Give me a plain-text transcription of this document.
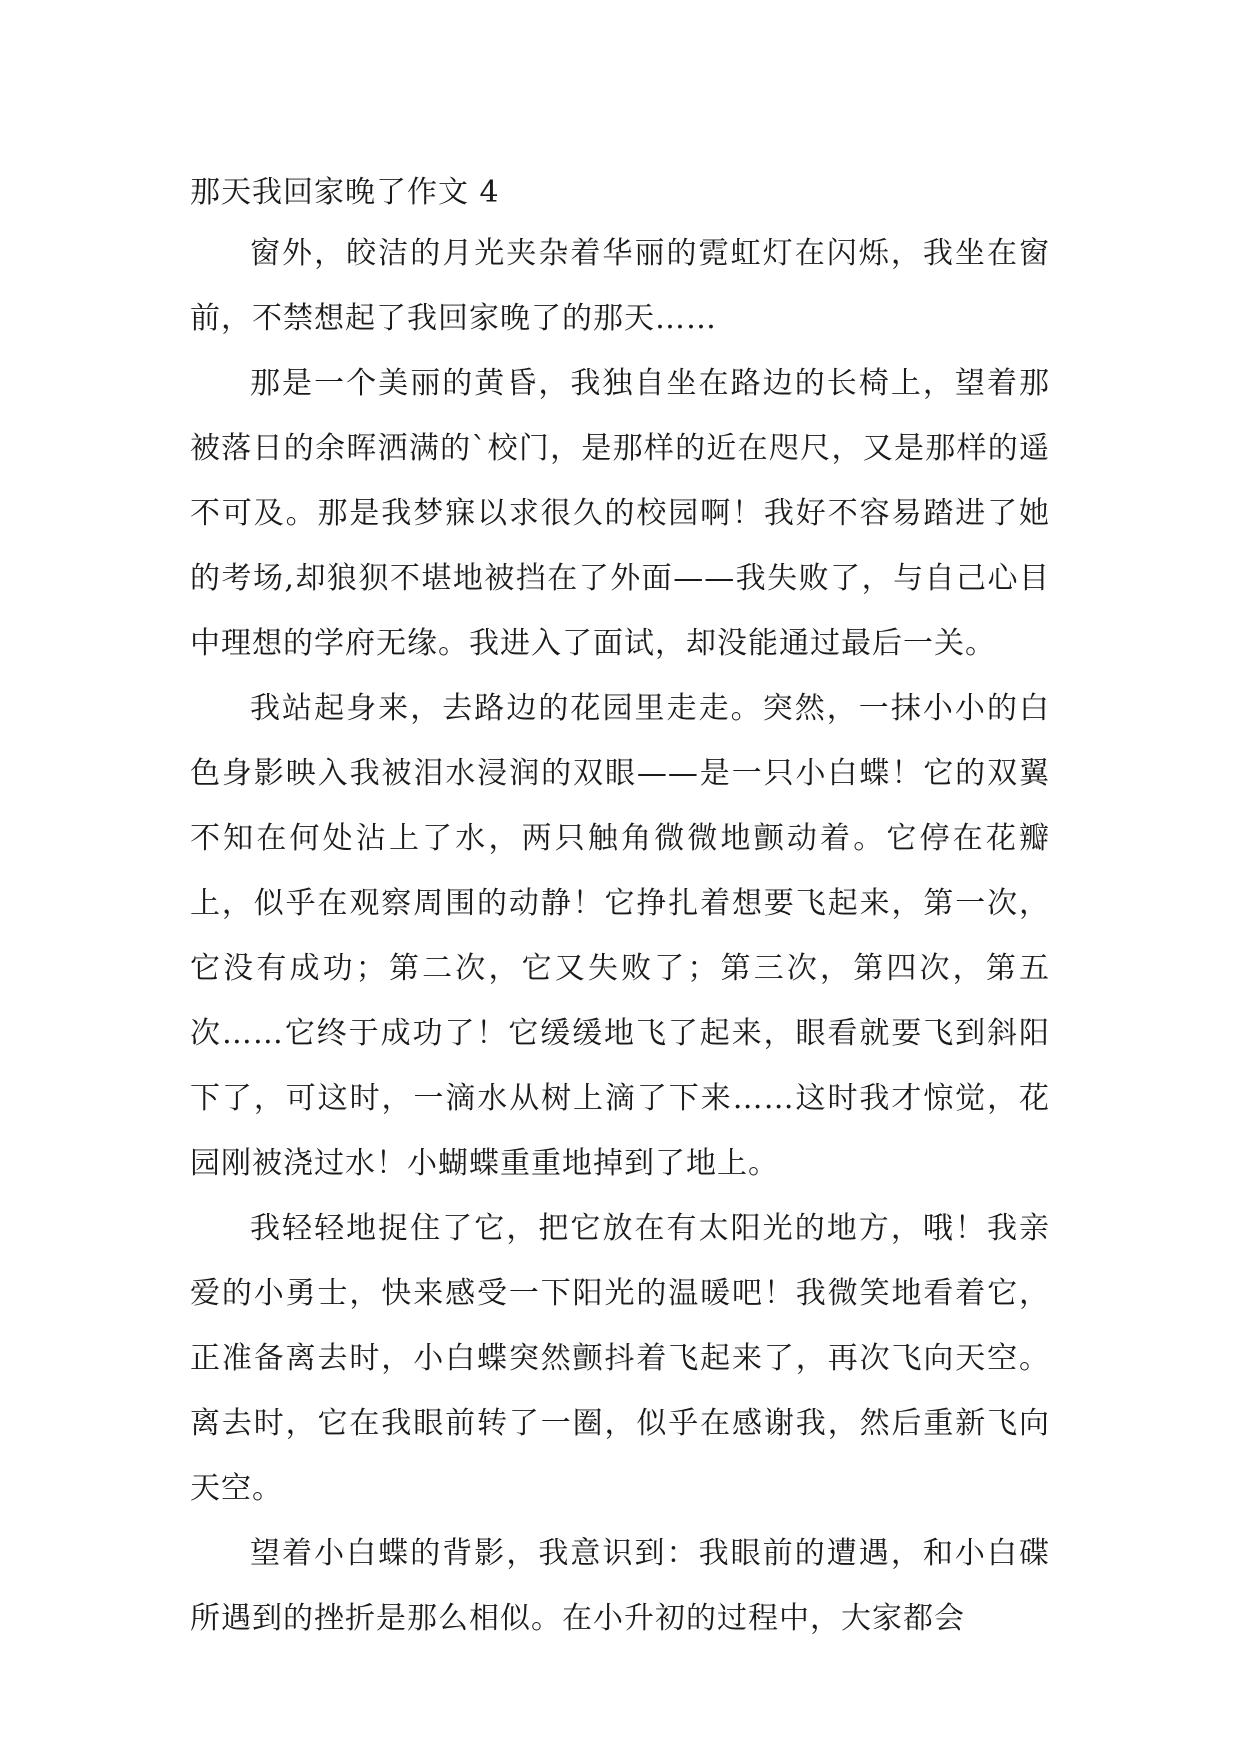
那天我回家晚了作文 4

窗外，皎洁的月光夹杂着华丽的霓虹灯在闪烁，我坐在窗前，不禁想起了我回家晚了的那天……

那是一个美丽的黄昏，我独自坐在路边的长椅上，望着那被落日的余晖洒满的`校门，是那样的近在咫尺，又是那样的遥不可及。那是我梦寐以求很久的校园啊！我好不容易踏进了她的考场,却狼狈不堪地被挡在了外面——我失败了，与自己心目中理想的学府无缘。我进入了面试，却没能通过最后一关。

我站起身来，去路边的花园里走走。突然，一抹小小的白色身影映入我被泪水浸润的双眼——是一只小白蝶！它的双翼不知在何处沾上了水，两只触角微微地颤动着。它停在花瓣上，似乎在观察周围的动静！它挣扎着想要飞起来，第一次，它没有成功；第二次，它又失败了；第三次，第四次，第五次……它终于成功了！它缓缓地飞了起来，眼看就要飞到斜阳下了，可这时，一滴水从树上滴了下来……这时我才惊觉，花园刚被浇过水！小蝴蝶重重地掉到了地上。

我轻轻地捉住了它，把它放在有太阳光的地方，哦！我亲爱的小勇士，快来感受一下阳光的温暖吧！我微笑地看着它，正准备离去时，小白蝶突然颤抖着飞起来了，再次飞向天空。离去时，它在我眼前转了一圈，似乎在感谢我，然后重新飞向天空。

望着小白蝶的背影，我意识到：我眼前的遭遇，和小白碟所遇到的挫折是那么相似。在小升初的过程中，大家都会
